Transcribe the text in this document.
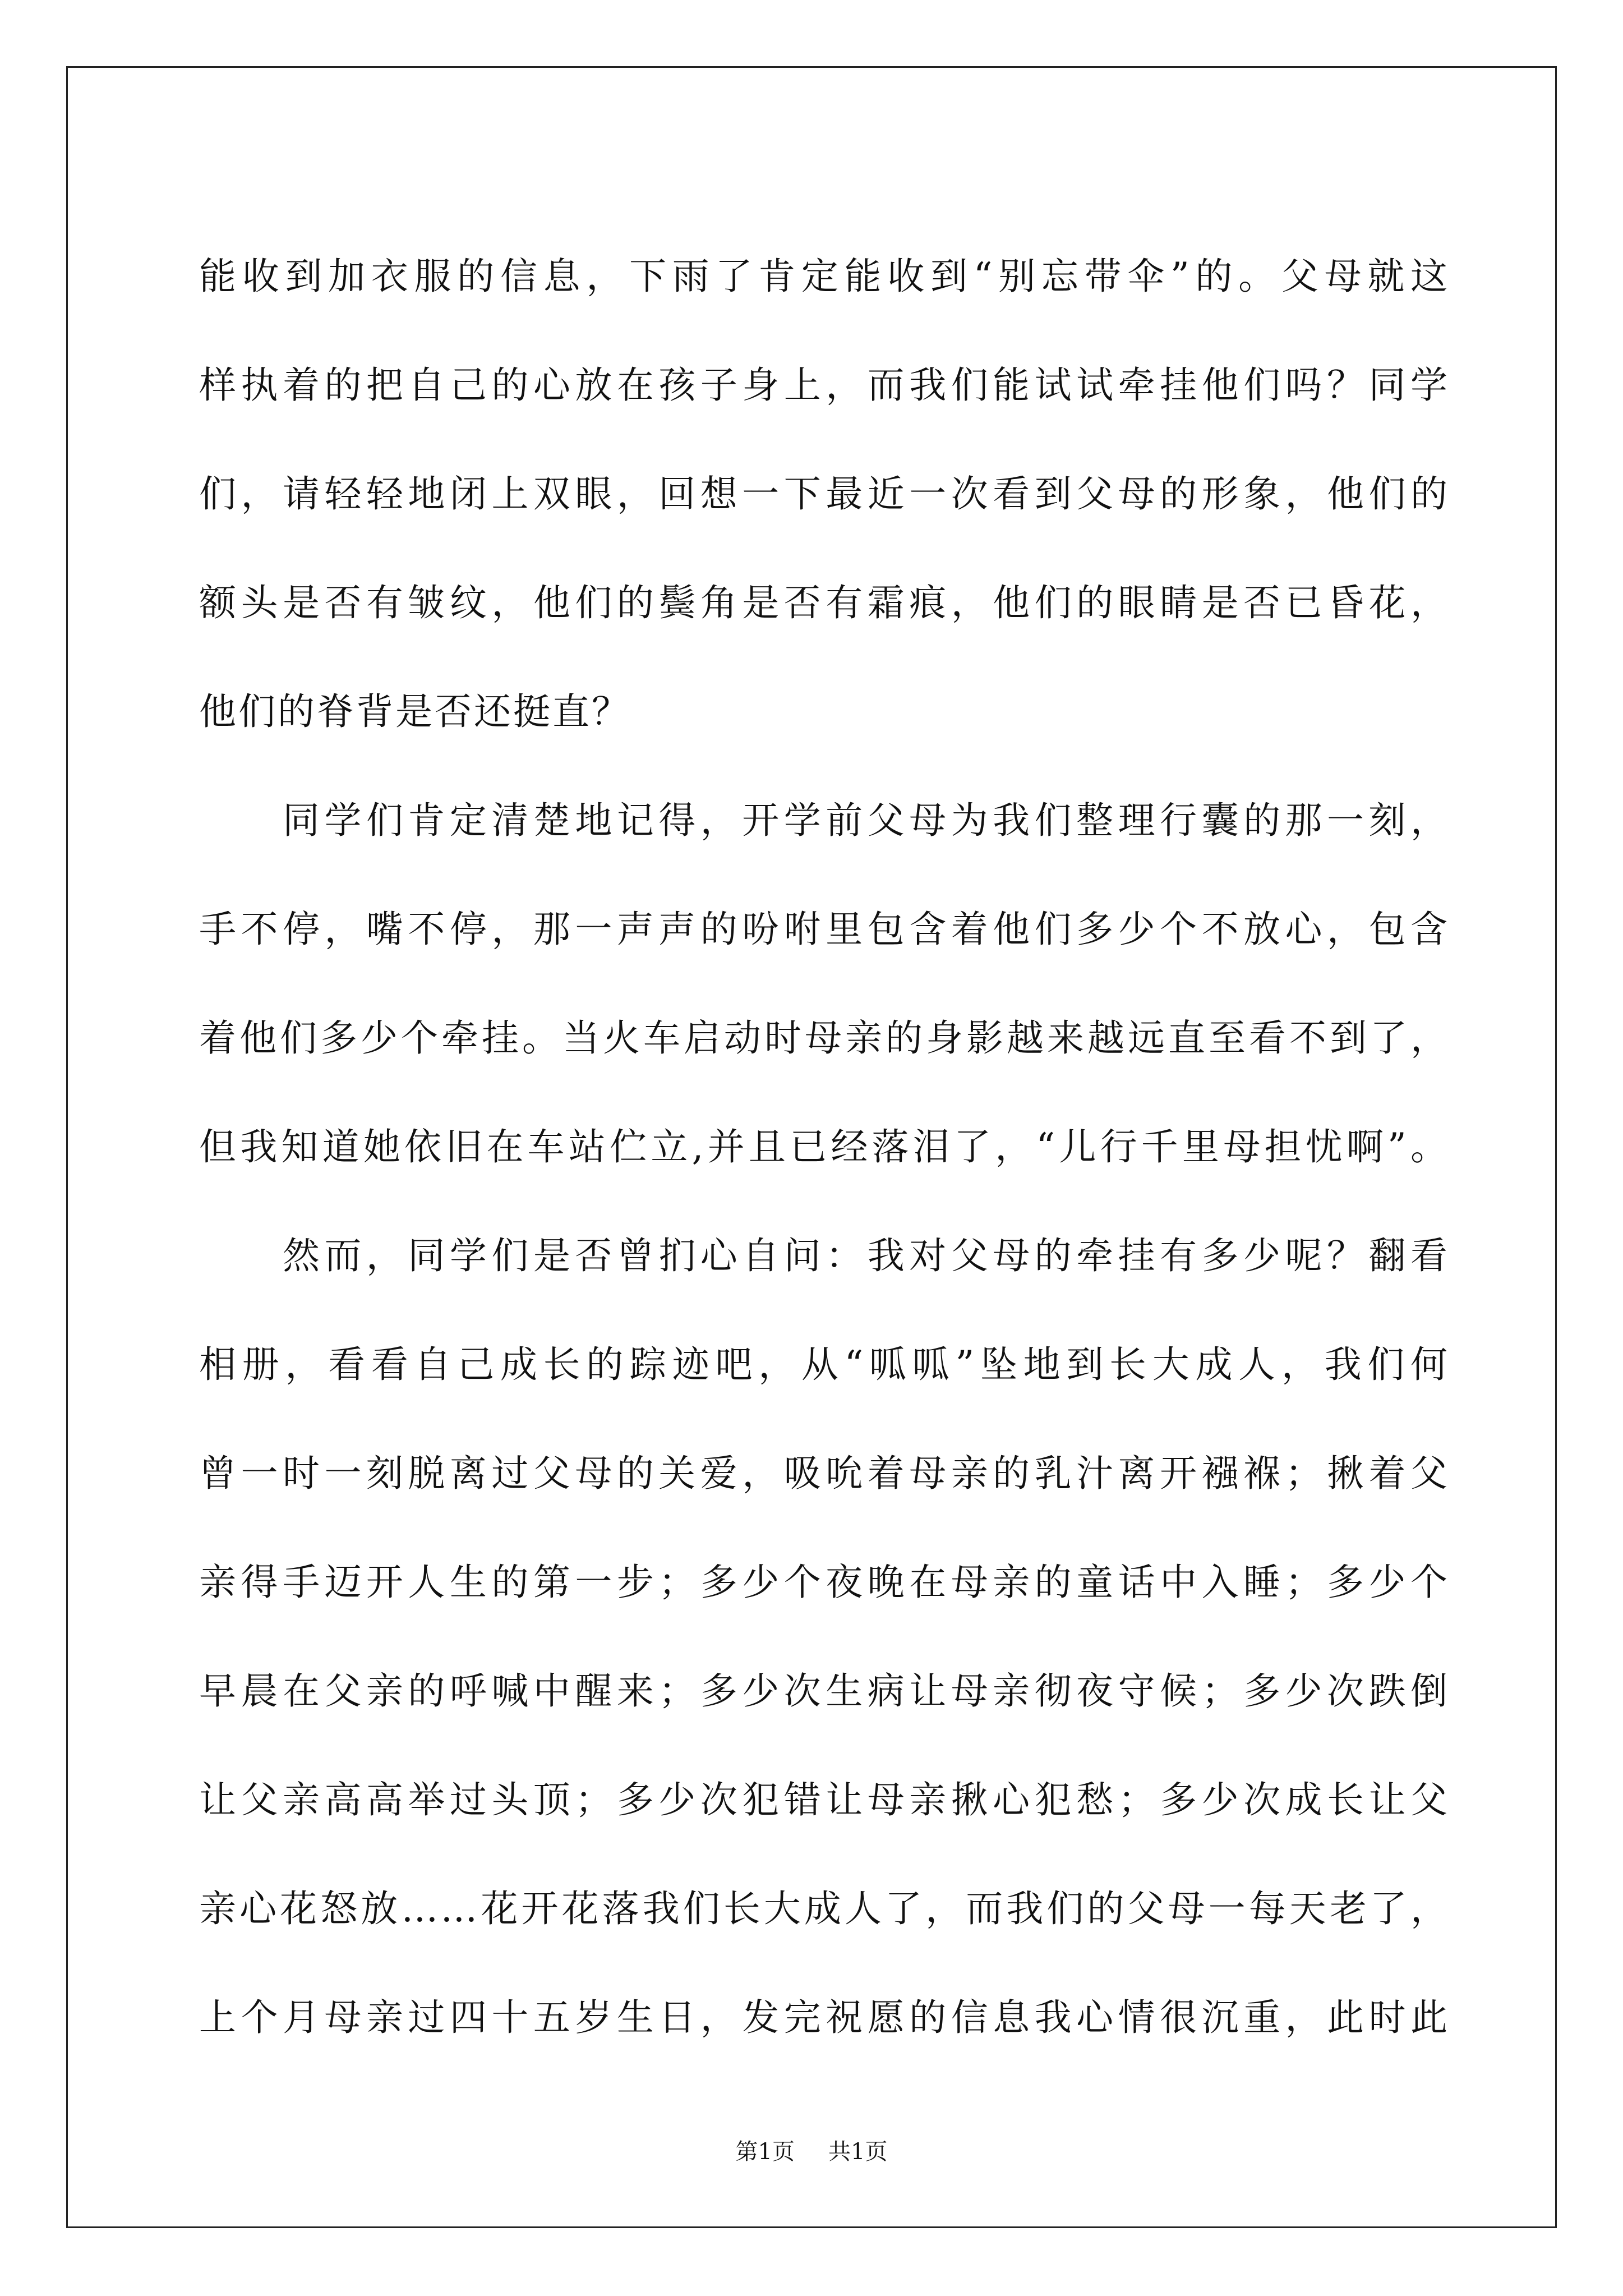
能收到加衣服的信息，下雨了肯定能收到“别忘带伞”的。父母就这
样执着的把自己的心放在孩子身上，而我们能试试牵挂他们吗？同学
们，请轻轻地闭上双眼，回想一下最近一次看到父母的形象，他们的
额头是否有皱纹，他们的鬓角是否有霜痕，他们的眼睛是否已昏花，
他们的脊背是否还挺直？
　　同学们肯定清楚地记得，开学前父母为我们整理行囊的那一刻，
手不停，嘴不停，那一声声的吩咐里包含着他们多少个不放心，包含
着他们多少个牵挂。当火车启动时母亲的身影越来越远直至看不到了，
但我知道她依旧在车站伫立,并且已经落泪了，“儿行千里母担忧啊”。
　　然而，同学们是否曾扪心自问：我对父母的牵挂有多少呢？翻看
相册，看看自己成长的踪迹吧，从“呱呱”坠地到长大成人，我们何
曾一时一刻脱离过父母的关爱，吸吮着母亲的乳汁离开襁褓；揪着父
亲得手迈开人生的第一步；多少个夜晚在母亲的童话中入睡；多少个
早晨在父亲的呼喊中醒来；多少次生病让母亲彻夜守候；多少次跌倒
让父亲高高举过头顶；多少次犯错让母亲揪心犯愁；多少次成长让父
亲心花怒放……花开花落我们长大成人了，而我们的父母一每天老了，
上个月母亲过四十五岁生日，发完祝愿的信息我心情很沉重，此时此
第1页 共1页
